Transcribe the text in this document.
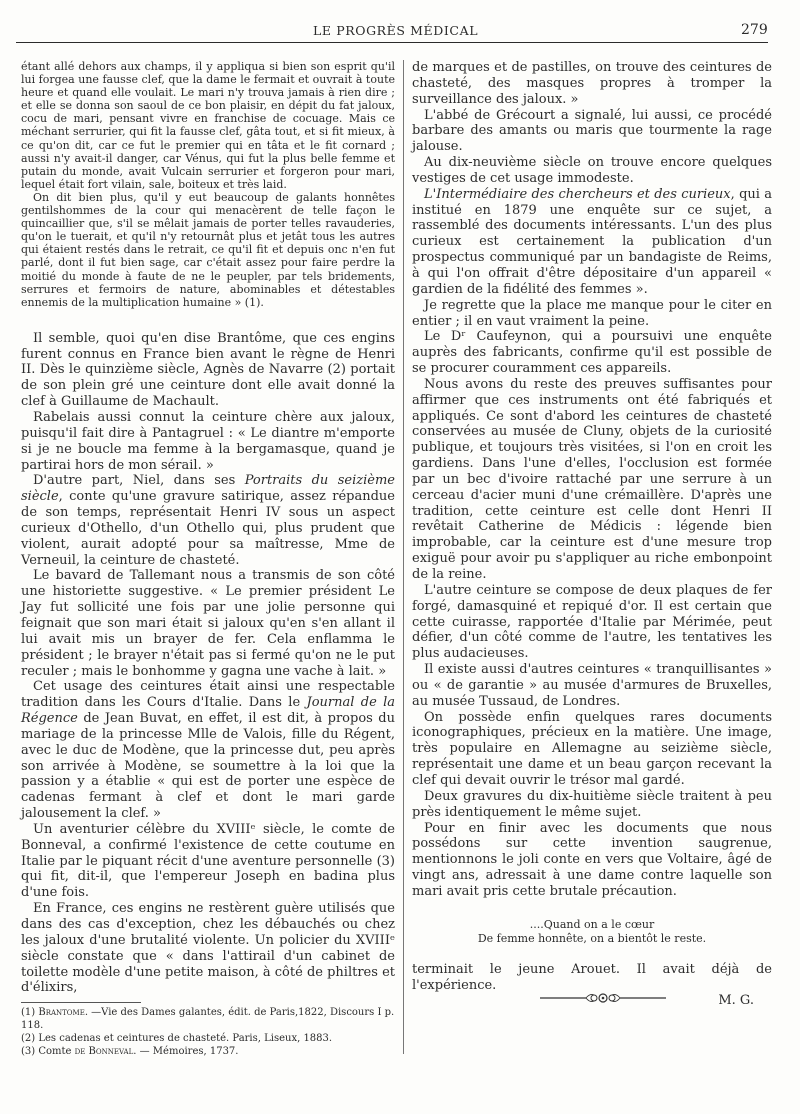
LE PROGRÈS MÉDICAL	279

étant allé dehors aux champs, il y appliqua si bien son esprit qu'il lui forgea une fausse clef, que la dame le fermait et ouvrait à toute heure et quand elle voulait. Le mari n'y trouva jamais à rien dire ; et elle se donna son saoul de ce bon plaisir, en dépit du fat jaloux, cocu de mari, pensant vivre en franchise de cocuage. Mais ce méchant serrurier, qui fit la fausse clef, gâta tout, et si fit mieux, à ce qu'on dit, car ce fut le premier qui en tâta et le fit cornard ; aussi n'y avait-il danger, car Vénus, qui fut la plus belle femme et putain du monde, avait Vulcain serrurier et forgeron pour mari, lequel était fort vilain, sale, boiteux et très laid.

On dit bien plus, qu'il y eut beaucoup de galants honnêtes gentilshommes de la cour qui menacèrent de telle façon le quincaillier que, s'il se mêlait jamais de porter telles ravauderies, qu'on le tuerait, et qu'il n'y retournât plus et jetât tous les autres qui étaient restés dans le retrait, ce qu'il fit et depuis onc n'en fut parlé, dont il fut bien sage, car c'était assez pour faire perdre la moitié du monde à faute de ne le peupler, par tels bridements, serrures et fermoirs de nature, abominables et détestables ennemis de la multiplication humaine » (1).

Il semble, quoi qu'en dise Brantôme, que ces engins furent connus en France bien avant le règne de Henri II. Dès le quinzième siècle, Agnès de Navarre (2) portait de son plein gré une ceinture dont elle avait donné la clef à Guillaume de Machault.

Rabelais aussi connut la ceinture chère aux jaloux, puisqu'il fait dire à Pantagruel : « Le diantre m'emporte si je ne boucle ma femme à la bergamasque, quand je partirai hors de mon sérail. »

D'autre part, Niel, dans ses Portraits du seizième siècle, conte qu'une gravure satirique, assez répandue de son temps, représentait Henri IV sous un aspect curieux d'Othello, d'un Othello qui, plus prudent que violent, aurait adopté pour sa maîtresse, Mme de Verneuil, la ceinture de chasteté.

Le bavard de Tallemant nous a transmis de son côté une historiette suggestive. « Le premier président Le Jay fut sollicité une fois par une jolie personne qui feignait que son mari était si jaloux qu'en s'en allant il lui avait mis un brayer de fer. Cela enflamma le président ; le brayer n'était pas si fermé qu'on ne le put reculer ; mais le bonhomme y gagna une vache à lait. »

Cet usage des ceintures était ainsi une respectable tradition dans les Cours d'Italie. Dans le Journal de la Régence de Jean Buvat, en effet, il est dit, à propos du mariage de la princesse Mlle de Valois, fille du Régent, avec le duc de Modène, que la princesse dut, peu après son arrivée à Modène, se soumettre à la loi que la passion y a établie « qui est de porter une espèce de cadenas fermant à clef et dont le mari garde jalousement la clef. »

Un aventurier célèbre du XVIIIᵉ siècle, le comte de Bonneval, a confirmé l'existence de cette coutume en Italie par le piquant récit d'une aventure personnelle (3) qui fit, dit-il, que l'empereur Joseph en badina plus d'une fois.

En France, ces engins ne restèrent guère utilisés que dans des cas d'exception, chez les débauchés ou chez les jaloux d'une brutalité violente. Un policier du XVIIIᵉ siècle constate que « dans l'attirail d'un cabinet de toilette modèle d'une petite maison, à côté de philtres et d'élixirs,

de marques et de pastilles, on trouve des ceintures de chasteté, des masques propres à tromper la surveillance des jaloux. »

L'abbé de Grécourt a signalé, lui aussi, ce procédé barbare des amants ou maris que tourmente la rage jalouse.

Au dix-neuvième siècle on trouve encore quelques vestiges de cet usage immodeste.

L'Intermédiaire des chercheurs et des curieux, qui a institué en 1879 une enquête sur ce sujet, a rassemblé des documents intéressants. L'un des plus curieux est certainement la publication d'un prospectus communiqué par un bandagiste de Reims, à qui l'on offrait d'être dépositaire d'un appareil « gardien de la fidélité des femmes ».

Je regrette que la place me manque pour le citer en entier ; il en vaut vraiment la peine.

Le Dʳ Caufeynon, qui a poursuivi une enquête auprès des fabricants, confirme qu'il est possible de se procurer couramment ces appareils.

Nous avons du reste des preuves suffisantes pour affirmer que ces instruments ont été fabriqués et appliqués. Ce sont d'abord les ceintures de chasteté conservées au musée de Cluny, objets de la curiosité publique, et toujours très visitées, si l'on en croit les gardiens. Dans l'une d'elles, l'occlusion est formée par un bec d'ivoire rattaché par une serrure à un cerceau d'acier muni d'une crémaillère. D'après une tradition, cette ceinture est celle dont Henri II revêtait Catherine de Médicis : légende bien improbable, car la ceinture est d'une mesure trop exiguë pour avoir pu s'appliquer au riche embonpoint de la reine.

L'autre ceinture se compose de deux plaques de fer forgé, damasquiné et repiqué d'or. Il est certain que cette cuirasse, rapportée d'Italie par Mérimée, peut défier, d'un côté comme de l'autre, les tentatives les plus audacieuses.

Il existe aussi d'autres ceintures « tranquillisantes » ou « de garantie » au musée d'armures de Bruxelles, au musée Tussaud, de Londres.

On possède enfin quelques rares documents iconographiques, précieux en la matière. Une image, très populaire en Allemagne au seizième siècle, représentait une dame et un beau garçon recevant la clef qui devait ouvrir le trésor mal gardé.

Deux gravures du dix-huitième siècle traitent à peu près identiquement le même sujet.

Pour en finir avec les documents que nous possédons sur cette invention saugrenue, mentionnons le joli conte en vers que Voltaire, âgé de vingt ans, adressait à une dame contre laquelle son mari avait pris cette brutale précaution.

....Quand on a le cœur
De femme honnête, on a bientôt le reste.

terminait le jeune Arouet. Il avait déjà de l'expérience.

M. G.

(1) Brantome. —Vie des Dames galantes, édit. de Paris,1822, Discours I p. 118.
(2) Les cadenas et ceintures de chasteté. Paris, Liseux, 1883.
(3) Comte de Bonneval. — Mémoires, 1737.
